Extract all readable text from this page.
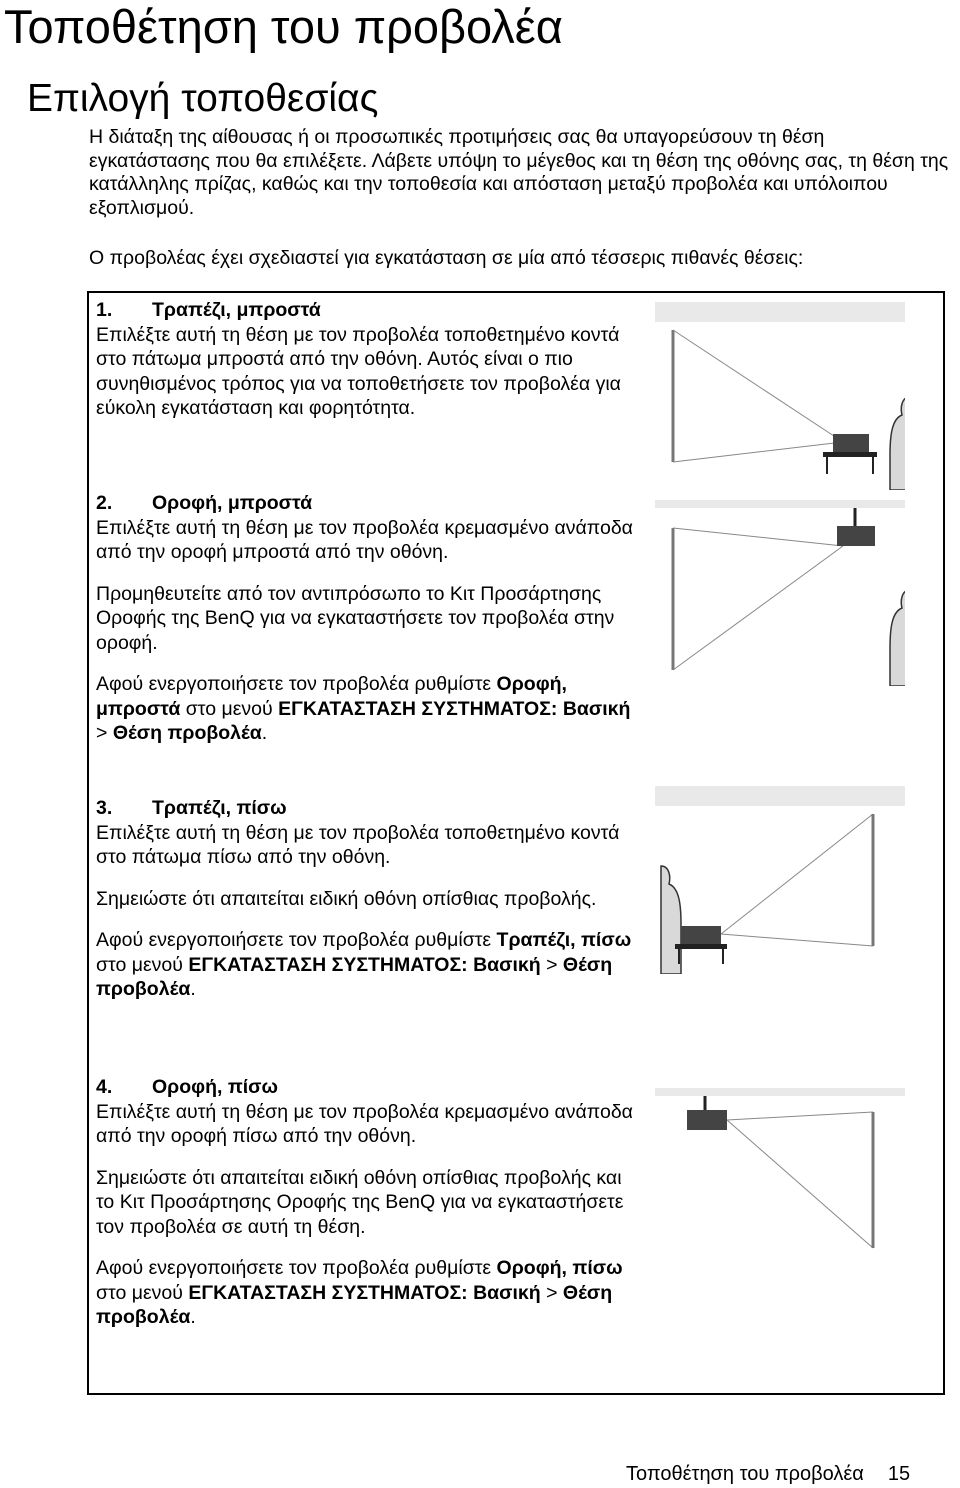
Τοποθέτηση του προβολέα
Επιλογή τοποθεσίας
Η διάταξη της αίθουσας ή οι προσωπικές προτιμήσεις σας θα υπαγορεύσουν τη θέση εγκατάστασης που θα επιλέξετε. Λάβετε υπόψη το μέγεθος και τη θέση της οθόνης σας, τη θέση της κατάλληλης πρίζας, καθώς και την τοποθεσία και απόσταση μεταξύ προβολέα και υπόλοιπου εξοπλισμού.
Ο προβολέας έχει σχεδιαστεί για εγκατάσταση σε μία από τέσσερις πιθανές θέσεις:

1. Τραπέζι, μπροστά

Επιλέξτε αυτή τη θέση με τον προβολέα τοποθετημένο κοντά στο πάτωμα μπροστά από την οθόνη. Αυτός είναι ο πιο συνηθισμένος τρόπος για να τοποθετήσετε τον προβολέα για εύκολη εγκατάσταση και φορητότητα.

2. Οροφή, μπροστά

Επιλέξτε αυτή τη θέση με τον προβολέα κρεμασμένο ανάποδα από την οροφή μπροστά από την οθόνη.

Προμηθευτείτε από τον αντιπρόσωπο το Κιτ Προσάρτησης Οροφής της BenQ για να εγκαταστήσετε τον προβολέα στην οροφή.

Αφού ενεργοποιήσετε τον προβολέα ρυθμίστε Οροφή, μπροστά στο μενού ΕΓΚΑΤΑΣΤΑΣΗ ΣΥΣΤΗΜΑΤΟΣ: Βασική > Θέση προβολέα.

3. Τραπέζι, πίσω

Επιλέξτε αυτή τη θέση με τον προβολέα τοποθετημένο κοντά στο πάτωμα πίσω από την οθόνη.

Σημειώστε ότι απαιτείται ειδική οθόνη οπίσθιας προβολής.

Αφού ενεργοποιήσετε τον προβολέα ρυθμίστε Τραπέζι, πίσω στο μενού ΕΓΚΑΤΑΣΤΑΣΗ ΣΥΣΤΗΜΑΤΟΣ: Βασική > Θέση προβολέα.

4. Οροφή, πίσω

Επιλέξτε αυτή τη θέση με τον προβολέα κρεμασμένο ανάποδα από την οροφή πίσω από την οθόνη.

Σημειώστε ότι απαιτείται ειδική οθόνη οπίσθιας προβολής και το Κιτ Προσάρτησης Οροφής της BenQ για να εγκαταστήσετε τον προβολέα σε αυτή τη θέση.

Αφού ενεργοποιήσετε τον προβολέα ρυθμίστε Οροφή, πίσω στο μενού ΕΓΚΑΤΑΣΤΑΣΗ ΣΥΣΤΗΜΑΤΟΣ: Βασική > Θέση προβολέα.

Τοποθέτηση του προβολέα 15
